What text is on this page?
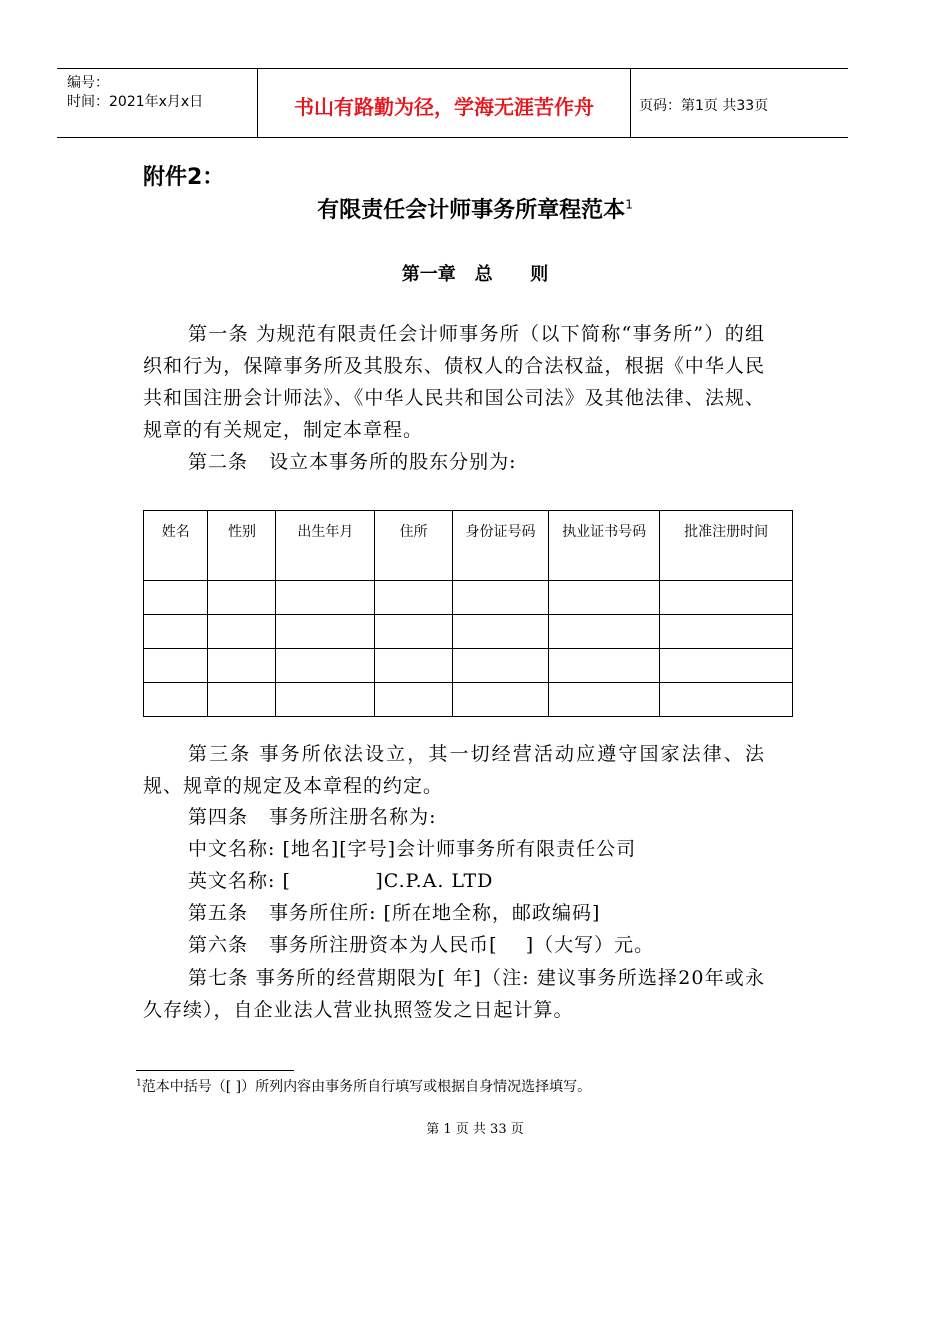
编号：
时间：2021年x月x日	书山有路勤为径，学海无涯苦作舟	页码：第1页 共33页
附件2：
有限责任会计师事务所章程范本$^1$
第一章   总      则
第一条 为规范有限责任会计师事务所（以下简称“事务所”）的组织和行为，保障事务所及其股东、债权人的合法权益，根据《中华人民共和国注册会计师法》、《中华人民共和国公司法》及其他法律、法规、规章的有关规定，制定本章程。
第二条   设立本事务所的股东分别为:
姓名	性别	出生年月	住所	身份证号码	执业证书号码	批准注册时间

第三条 事务所依法设立，其一切经营活动应遵守国家法律、法规、规章的规定及本章程的约定。
第四条   事务所注册名称为:
中文名称: [地名][字号]会计师事务所有限责任公司
英文名称: [            ]C.P.A. LTD
第五条   事务所住所: [所在地全称，邮政编码]
第六条   事务所注册资本为人民币[    ]（大写）元。
第七条 事务所的经营期限为[ 年]（注: 建议事务所选择20年或永久存续），自企业法人营业执照签发之日起计算。
$^1$范本中括号（[ ]）所列内容由事务所自行填写或根据自身情况选择填写。
第 1 页 共 33 页
